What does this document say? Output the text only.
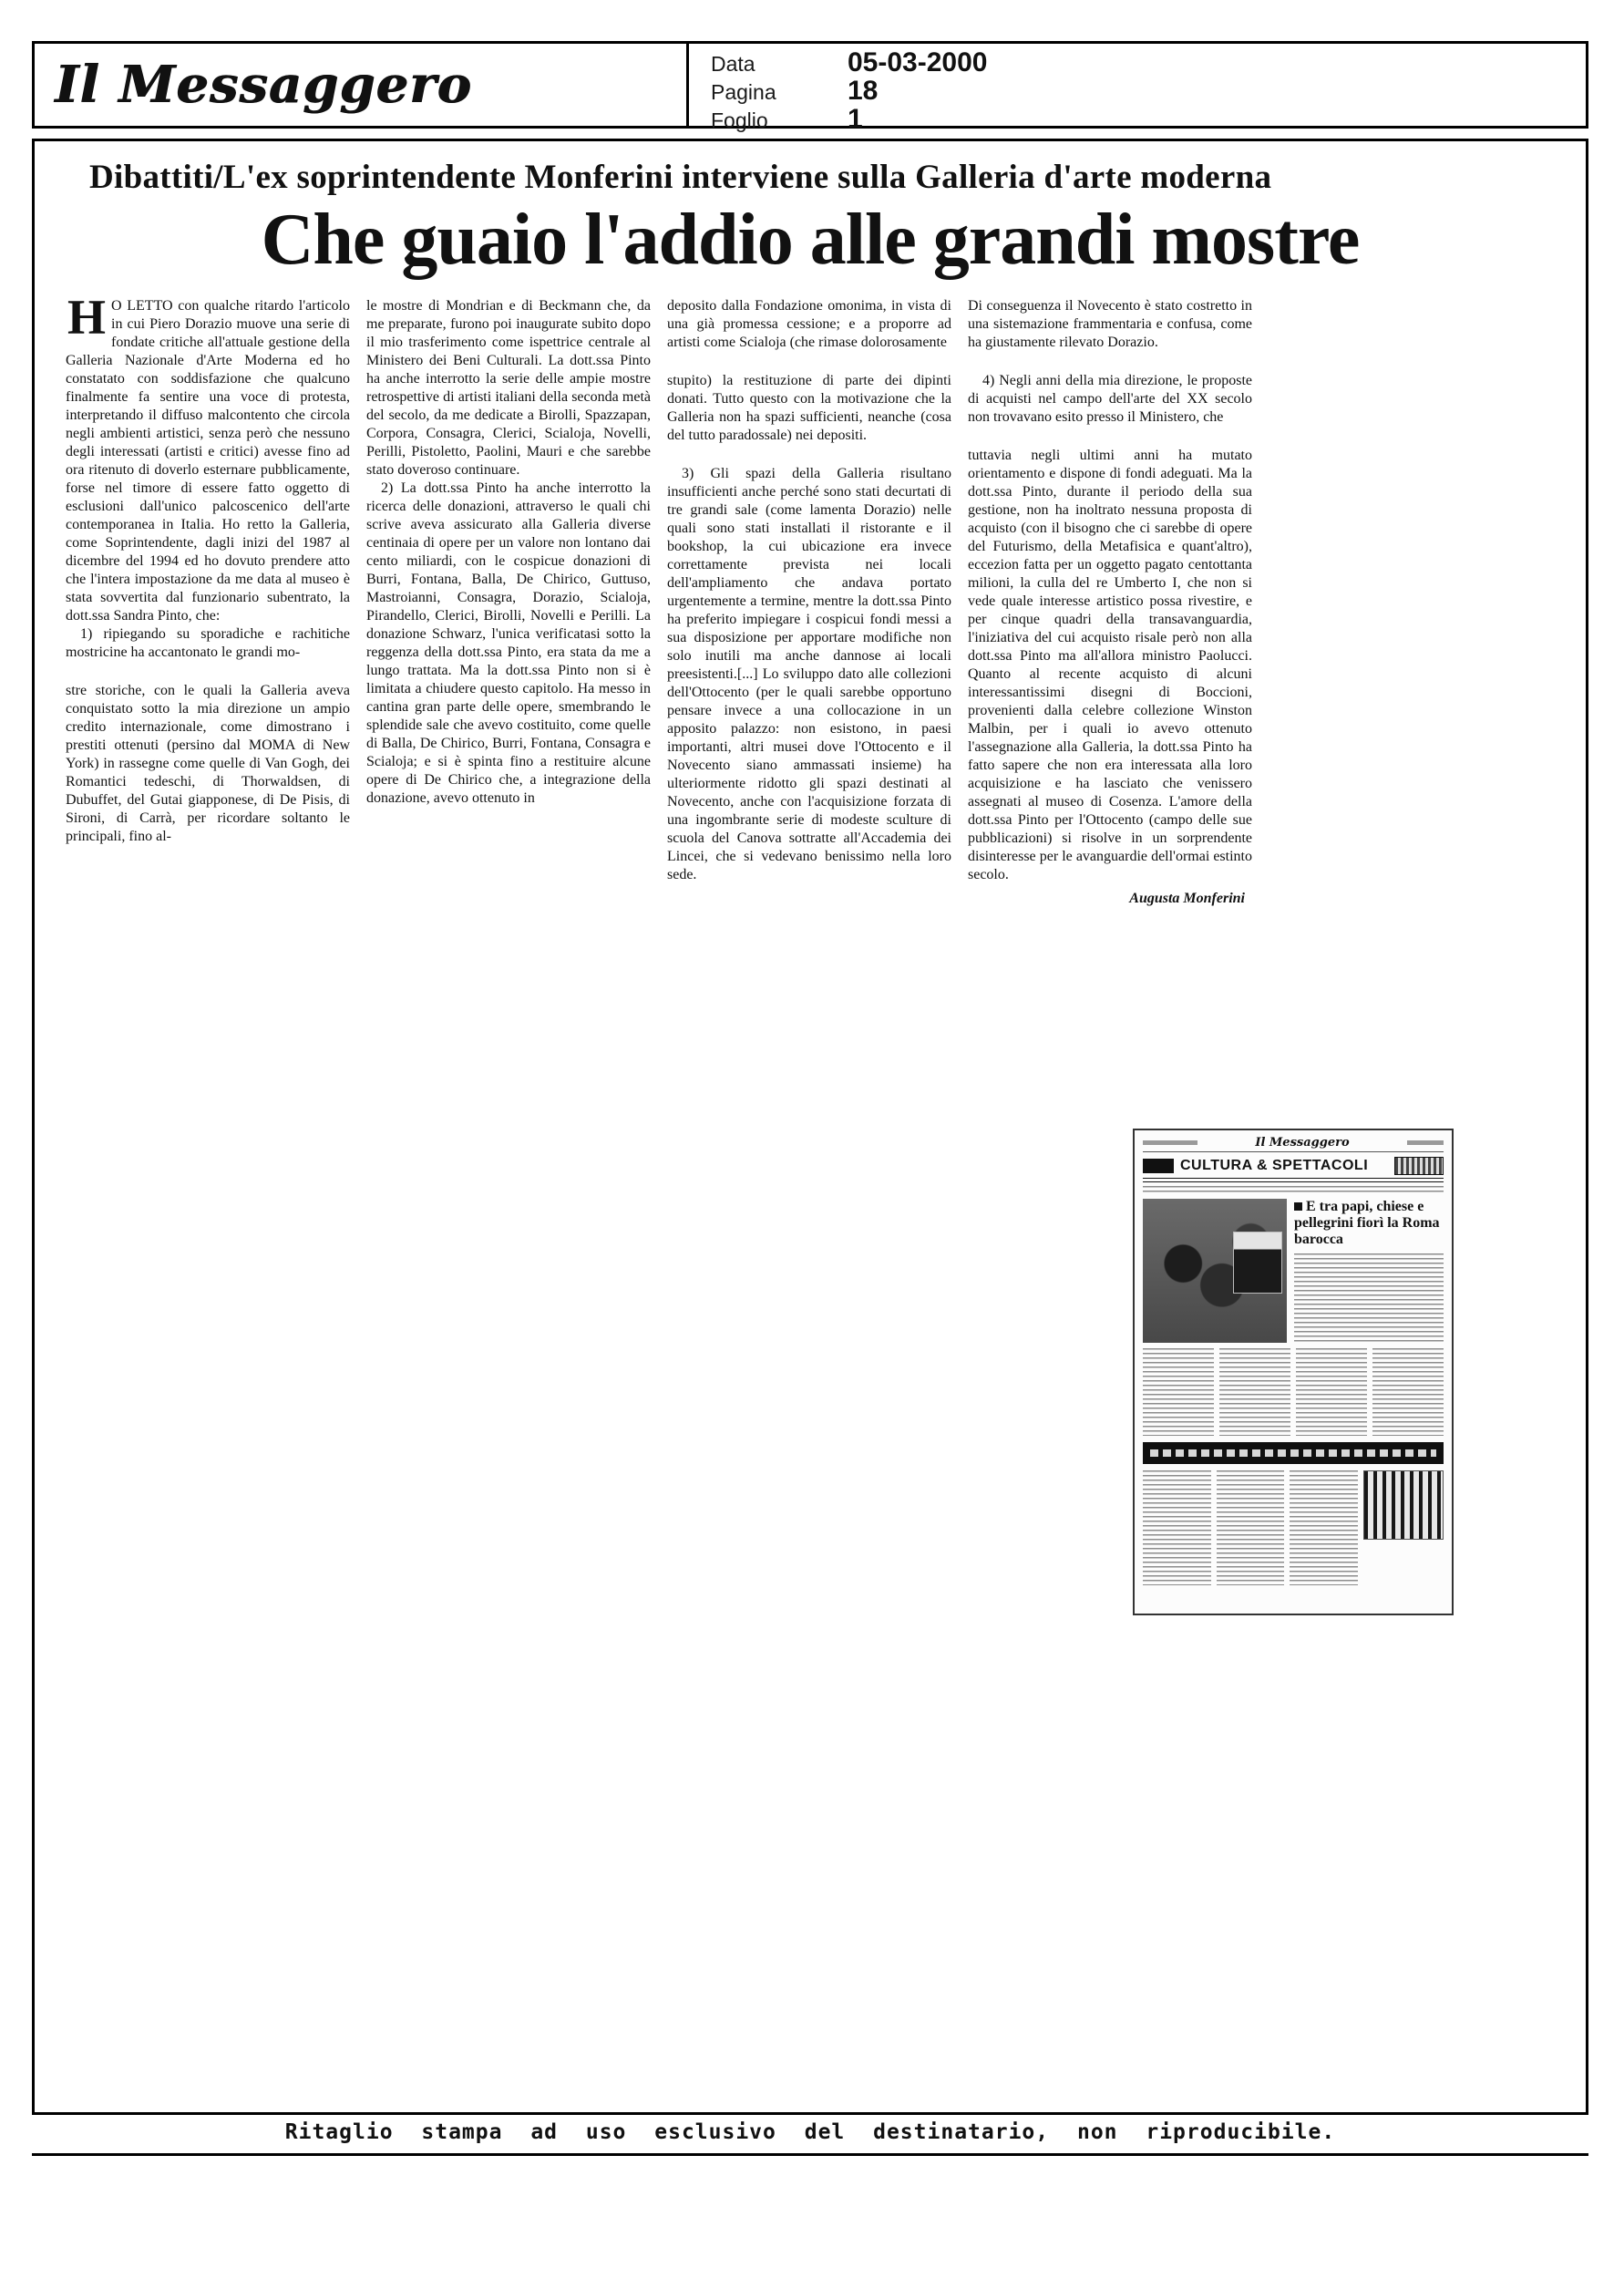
Il Messaggero	Data	05-03-2000
Pagina	18
Foglio	1
Dibattiti/L'ex soprintendente Monferini interviene sulla Galleria d'arte moderna
Che guaio l'addio alle grandi mostre

H O LETTO con qualche ritardo l'articolo in cui Piero Dorazio muove una serie di fondate critiche all'attuale gestione della Galleria Nazionale d'Arte Moderna ed ho constatato con soddisfazione che qualcuno finalmente fa sentire una voce di protesta, interpretando il diffuso malcontento che circola negli ambienti artistici, senza però che nessuno degli interessati (artisti e critici) avesse fino ad ora ritenuto di doverlo esternare pubblicamente, forse nel timore di essere fatto oggetto di esclusioni dall'unico palcoscenico dell'arte contemporanea in Italia. Ho retto la Galleria, come Soprintendente, dagli inizi del 1987 al dicembre del 1994 ed ho dovuto prendere atto che l'intera impostazione da me data al museo è stata sovvertita dal funzionario subentrato, la dott.ssa Sandra Pinto, che:

1) ripiegando su sporadiche e rachitiche mostricine ha accantonato le grandi mo-

stre storiche, con le quali la Galleria aveva conquistato sotto la mia direzione un ampio credito internazionale, come dimostrano i prestiti ottenuti (persino dal MOMA di New York) in rassegne come quelle di Van Gogh, dei Romantici tedeschi, di Thorwaldsen, di Dubuffet, del Gutai giapponese, di De Pisis, di Sironi, di Carrà, per ricordare soltanto le principali, fino al-

le mostre di Mondrian e di Beckmann che, da me preparate, furono poi inaugurate subito dopo il mio trasferimento come ispettrice centrale al Ministero dei Beni Culturali. La dott.ssa Pinto ha anche interrotto la serie delle ampie mostre retrospettive di artisti italiani della seconda metà del secolo, da me dedicate a Birolli, Spazzapan, Corpora, Consagra, Clerici, Scialoja, Novelli, Perilli, Pistoletto, Paolini, Mauri e che sarebbe stato doveroso continuare.

2) La dott.ssa Pinto ha anche interrotto la ricerca delle donazioni, attraverso le quali chi scrive aveva assicurato alla Galleria diverse centinaia di opere per un valore non lontano dai cento miliardi, con le cospicue donazioni di Burri, Fontana, Balla, De Chirico, Guttuso, Mastroianni, Consagra, Dorazio, Scialoja, Pirandello, Clerici, Birolli, Novelli e Perilli. La donazione Schwarz, l'unica verificatasi sotto la reggenza della dott.ssa Pinto, era stata da me a lungo trattata. Ma la dott.ssa Pinto non si è limitata a chiudere questo capitolo. Ha messo in cantina gran parte delle opere, smembrando le splendide sale che avevo costituito, come quelle di Balla, De Chirico, Burri, Fontana, Consagra e Scialoja; e si è spinta fino a restituire alcune opere di De Chirico che, a integrazione della donazione, avevo ottenuto in

deposito dalla Fondazione omonima, in vista di una già promessa cessione; e a proporre ad artisti come Scialoja (che rimase dolorosamente

stupito) la restituzione di parte dei dipinti donati. Tutto questo con la motivazione che la Galleria non ha spazi sufficienti, neanche (cosa del tutto paradossale) nei depositi.

3) Gli spazi della Galleria risultano insufficienti anche perché sono stati decurtati di tre grandi sale (come lamenta Dorazio) nelle quali sono stati installati il ristorante e il bookshop, la cui ubicazione era invece correttamente prevista nei locali dell'ampliamento che andava portato urgentemente a termine, mentre la dott.ssa Pinto ha preferito impiegare i cospicui fondi messi a sua disposizione per apportare modifiche non solo inutili ma anche dannose ai locali preesistenti.[...] Lo sviluppo dato alle collezioni dell'Ottocento (per le quali sarebbe opportuno pensare invece a una collocazione in un apposito palazzo: non esistono, in paesi importanti, altri musei dove l'Ottocento e il Novecento siano ammassati insieme) ha ulteriormente ridotto gli spazi destinati al Novecento, anche con l'acquisizione forzata di una ingombrante serie di modeste sculture di scuola del Canova sottratte all'Accademia dei Lincei, che si vedevano benissimo nella loro sede.

Di conseguenza il Novecento è stato costretto in una sistemazione frammentaria e confusa, come ha giustamente rilevato Dorazio.

4) Negli anni della mia direzione, le proposte di acquisti nel campo dell'arte del XX secolo non trovavano esito presso il Ministero, che

tuttavia negli ultimi anni ha mutato orientamento e dispone di fondi adeguati. Ma la dott.ssa Pinto, durante il periodo della sua gestione, non ha inoltrato nessuna proposta di acquisto (con il bisogno che ci sarebbe di opere del Futurismo, della Metafisica e quant'altro), eccezion fatta per un oggetto pagato centottanta milioni, la culla del re Umberto I, che non si vede quale interesse artistico possa rivestire, e per cinque quadri della transavanguardia, l'iniziativa del cui acquisto risale però non alla dott.ssa Pinto ma all'allora ministro Paolucci. Quanto al recente acquisto di alcuni interessantissimi disegni di Boccioni, provenienti dalla celebre collezione Winston Malbin, per i quali io avevo ottenuto l'assegnazione alla Galleria, la dott.ssa Pinto ha fatto sapere che non era interessata alla loro acquisizione e ha lasciato che venissero assegnati al museo di Cosenza. L'amore della dott.ssa Pinto per l'Ottocento (campo delle sue pubblicazioni) si risolve in un sorprendente disinteresse per le avanguardie dell'ormai estinto secolo.

Augusta Monferini

Il Messaggero
CULTURA & SPETTACOLI
E tra papi, chiese e pellegrini fiorì la Roma barocca
Ritaglio stampa ad uso esclusivo del destinatario, non riproducibile.
